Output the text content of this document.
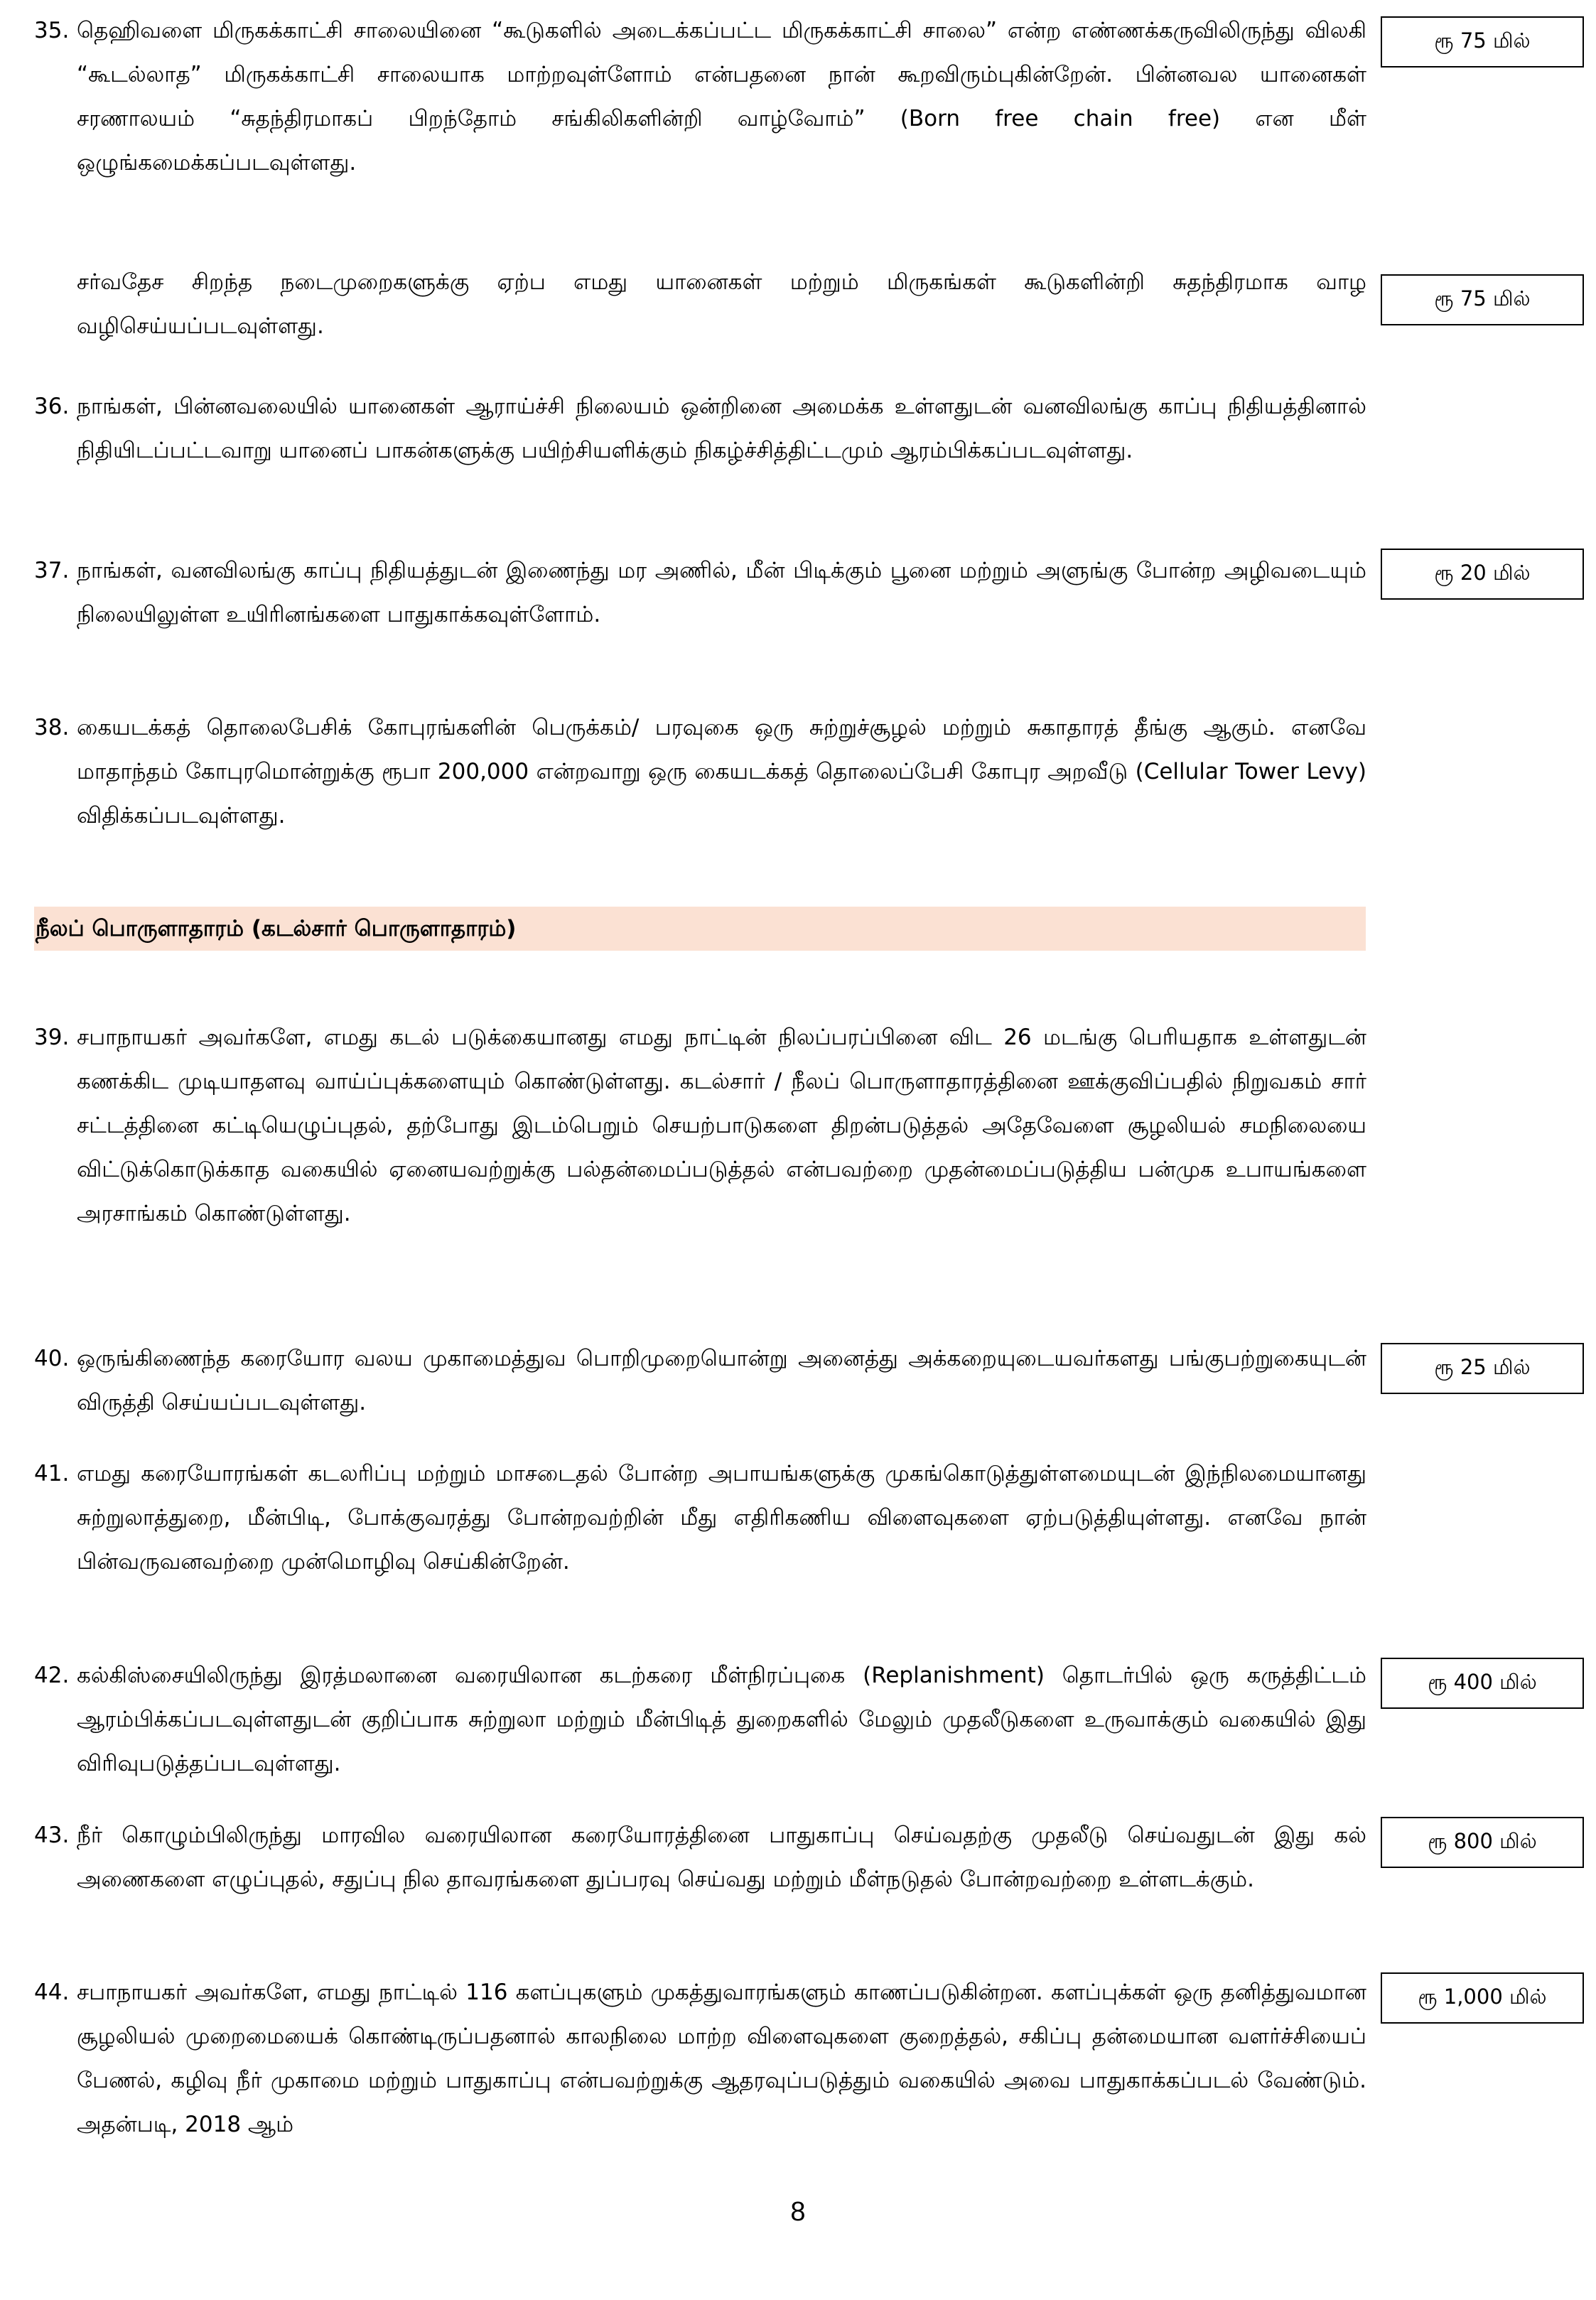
35. தெஹிவளை மிருகக்காட்சி சாலையினை “கூடுகளில் அடைக்கப்பட்ட மிருகக்காட்சி சாலை” என்ற எண்ணக்கருவிலிருந்து விலகி “கூடல்லாத” மிருகக்காட்சி சாலையாக மாற்றவுள்ளோம் என்பதனை நான் கூறவிரும்புகின்றேன். பின்னவல யானைகள் சரணாலயம் “சுதந்திரமாகப் பிறந்தோம் சங்கிலிகளின்றி வாழ்வோம்” (Born free chain free) என மீள் ஒழுங்கமைக்கப்படவுள்ளது.
ரூ 75 மில்
சர்வதேச சிறந்த நடைமுறைகளுக்கு ஏற்ப எமது யானைகள் மற்றும் மிருகங்கள் கூடுகளின்றி சுதந்திரமாக வாழ வழிசெய்யப்படவுள்ளது.
ரூ 75 மில்
36. நாங்கள், பின்னவலையில் யானைகள் ஆராய்ச்சி நிலையம் ஒன்றினை அமைக்க உள்ளதுடன் வனவிலங்கு காப்பு நிதியத்தினால் நிதியிடப்பட்டவாறு யானைப் பாகன்களுக்கு பயிற்சியளிக்கும் நிகழ்ச்சித்திட்டமும் ஆரம்பிக்கப்படவுள்ளது.
37. நாங்கள், வனவிலங்கு காப்பு நிதியத்துடன் இணைந்து மர அணில், மீன் பிடிக்கும் பூனை மற்றும் அளுங்கு போன்ற அழிவடையும் நிலையிலுள்ள உயிரினங்களை பாதுகாக்கவுள்ளோம்.
ரூ 20 மில்
38. கையடக்கத் தொலைபேசிக் கோபுரங்களின் பெருக்கம்/ பரவுகை ஒரு சுற்றுச்சூழல் மற்றும் சுகாதாரத் தீங்கு ஆகும். எனவே மாதாந்தம் கோபுரமொன்றுக்கு ரூபா 200,000 என்றவாறு ஒரு கையடக்கத் தொலைப்பேசி கோபுர அறவீடு (Cellular Tower Levy) விதிக்கப்படவுள்ளது.
நீலப் பொருளாதாரம் (கடல்சார் பொருளாதாரம்)
39. சபாநாயகர் அவர்களே, எமது கடல் படுக்கையானது எமது நாட்டின் நிலப்பரப்பினை விட 26 மடங்கு பெரியதாக உள்ளதுடன் கணக்கிட முடியாதளவு வாய்ப்புக்களையும் கொண்டுள்ளது. கடல்சார் / நீலப் பொருளாதாரத்தினை ஊக்குவிப்பதில் நிறுவகம் சார் சட்டத்தினை கட்டியெழுப்புதல், தற்போது இடம்பெறும் செயற்பாடுகளை திறன்படுத்தல் அதேவேளை சூழலியல் சமநிலையை விட்டுக்கொடுக்காத வகையில் ஏனையவற்றுக்கு பல்தன்மைப்படுத்தல் என்பவற்றை முதன்மைப்படுத்திய பன்முக உபாயங்களை அரசாங்கம் கொண்டுள்ளது.
40. ஒருங்கிணைந்த கரையோர வலய முகாமைத்துவ பொறிமுறையொன்று அனைத்து அக்கறையுடையவர்களது பங்குபற்றுகையுடன் விருத்தி செய்யப்படவுள்ளது.
ரூ 25 மில்
41. எமது கரையோரங்கள் கடலரிப்பு மற்றும் மாசடைதல் போன்ற அபாயங்களுக்கு முகங்கொடுத்துள்ளமையுடன் இந்நிலமையானது சுற்றுலாத்துறை, மீன்பிடி, போக்குவரத்து போன்றவற்றின் மீது எதிரிகணிய விளைவுகளை ஏற்படுத்தியுள்ளது. எனவே நான் பின்வருவனவற்றை முன்மொழிவு செய்கின்றேன்.
42. கல்கிஸ்சையிலிருந்து இரத்மலானை வரையிலான கடற்கரை மீள்நிரப்புகை (Replanishment) தொடர்பில் ஒரு கருத்திட்டம் ஆரம்பிக்கப்படவுள்ளதுடன் குறிப்பாக சுற்றுலா மற்றும் மீன்பிடித் துறைகளில் மேலும் முதலீடுகளை உருவாக்கும் வகையில் இது விரிவுபடுத்தப்படவுள்ளது.
ரூ 400 மில்
43. நீர் கொழும்பிலிருந்து மாரவில வரையிலான கரையோரத்தினை பாதுகாப்பு செய்வதற்கு முதலீடு செய்வதுடன் இது கல் அணைகளை எழுப்புதல், சதுப்பு நில தாவரங்களை துப்பரவு செய்வது மற்றும் மீள்நடுதல் போன்றவற்றை உள்ளடக்கும்.
ரூ 800 மில்
44. சபாநாயகர் அவர்களே, எமது நாட்டில் 116 களப்புகளும் முகத்துவாரங்களும் காணப்படுகின்றன. களப்புக்கள் ஒரு தனித்துவமான சூழலியல் முறைமையைக் கொண்டிருப்பதனால் காலநிலை மாற்ற விளைவுகளை குறைத்தல், சகிப்பு தன்மையான வளர்ச்சியைப் பேணல், கழிவு நீர் முகாமை மற்றும் பாதுகாப்பு என்பவற்றுக்கு ஆதரவுப்படுத்தும் வகையில் அவை பாதுகாக்கப்படல் வேண்டும். அதன்படி, 2018 ஆம்
ரூ 1,000 மில்
8
